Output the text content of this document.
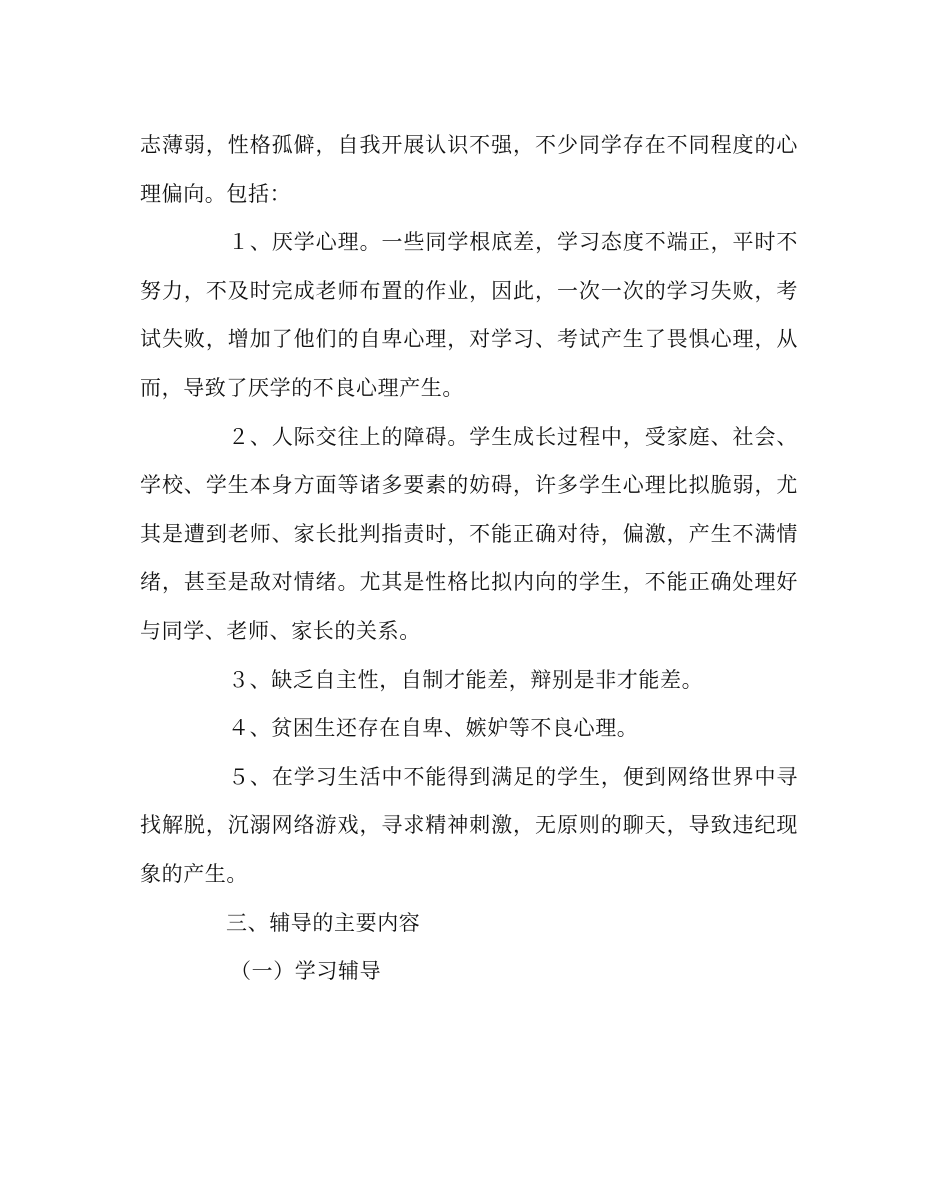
志薄弱，性格孤僻，自我开展认识不强，不少同学存在不同程度的心理偏向。包括：

１、厌学心理。一些同学根底差，学习态度不端正，平时不努力，不及时完成老师布置的作业，因此，一次一次的学习失败，考试失败，增加了他们的自卑心理，对学习、考试产生了畏惧心理，从而，导致了厌学的不良心理产生。

２、人际交往上的障碍。学生成长过程中，受家庭、社会、学校、学生本身方面等诸多要素的妨碍，许多学生心理比拟脆弱，尤其是遭到老师、家长批判指责时，不能正确对待，偏激，产生不满情绪，甚至是敌对情绪。尤其是性格比拟内向的学生，不能正确处理好与同学、老师、家长的关系。

３、缺乏自主性，自制才能差，辩别是非才能差。

４、贫困生还存在自卑、嫉妒等不良心理。

５、在学习生活中不能得到满足的学生，便到网络世界中寻找解脱，沉溺网络游戏，寻求精神刺激，无原则的聊天，导致违纪现象的产生。

三、辅导的主要内容

（一）学习辅导
